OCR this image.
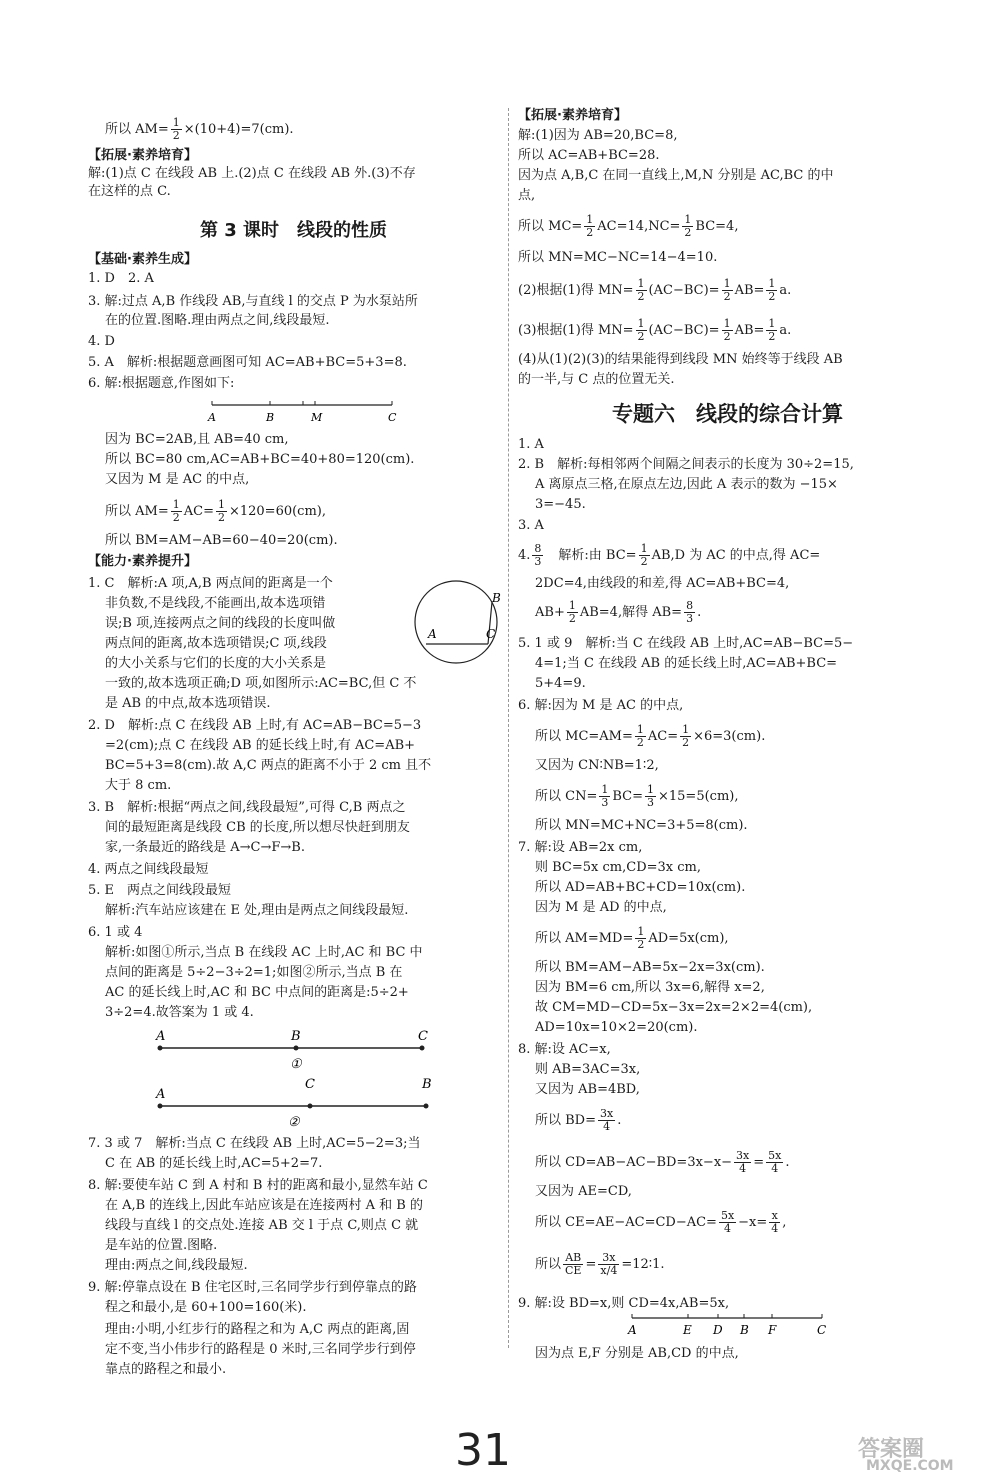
所以 $AM= \frac{1}{2} \times(10+4)=7(cm)$.
【拓展·素养培育】
解:(1)点 C 在线段 AB 上.(2)点 C 在线段 AB 外.(3)不存
在这样的点 C.
第 3 课时　线段的性质
【基础·素养生成】
1. D　2. A
3. 解:过点 A,B 作线段 AB,与直线 l 的交点 P 为水泵站所
在的位置.图略.理由两点之间,线段最短.
4. D
5. A　解析:根据题意画图可知 AC=AB+BC=5+3=8.
6. 解:根据题意,作图如下:
A	B	M	C
因为 BC=2AB,且 AB=40 cm,
所以 BC=80 cm,AC=AB+BC=40+80=120(cm).
又因为 M 是 AC 的中点,
所以 $AM= \frac{1}{2} AC= \frac{1}{2} \times 120=60(cm)$,
所以 BM=AM−AB=60−40=20(cm).
【能力·素养提升】
1. C　解析:A 项,A,B 两点间的距离是一个
非负数,不是线段,不能画出,故本选项错
误;B 项,连接两点之间的线段的长度叫做
两点间的距离,故本选项错误;C 项,线段
的大小关系与它们的长度的大小关系是
一致的,故本选项正确;D 项,如图所示:AC=BC,但 C 不
是 AB 的中点,故本选项错误.
A
B
C
2. D　解析:点 C 在线段 AB 上时,有 AC=AB−BC=5−3
=2(cm);点 C 在线段 AB 的延长线上时,有 AC=AB+
BC=5+3=8(cm).故 A,C 两点的距离不小于 2 cm 且不
大于 8 cm.
3. B　解析:根据“两点之间,线段最短”,可得 C,B 两点之
间的最短距离是线段 CB 的长度,所以想尽快赶到朋友
家,一条最近的路线是 A→C→F→B.
4. 两点之间线段最短
5. E　两点之间线段最短
解析:汽车站应该建在 E 处,理由是两点之间线段最短.
6. 1 或 4
解析:如图①所示,当点 B 在线段 AC 上时,AC 和 BC 中
点间的距离是 5÷2−3÷2=1;如图②所示,当点 B 在
AC 的延长线上时,AC 和 BC 中点间的距离是:5÷2+
3÷2=4.故答案为 1 或 4.
A	B	C
①
A
C	B
②
7. 3 或 7　解析:当点 C 在线段 AB 上时,AC=5−2=3;当
C 在 AB 的延长线上时,AC=5+2=7.
8. 解:要使车站 C 到 A 村和 B 村的距离和最小,显然车站 C
在 A,B 的连线上,因此车站应该是在连接两村 A 和 B 的
线段与直线 l 的交点处.连接 AB 交 l 于点 C,则点 C 就
是车站的位置.图略.
理由:两点之间,线段最短.
9. 解:停靠点设在 B 住宅区时,三名同学步行到停靠点的路
程之和最小,是 60+100=160(米).
理由:小明,小红步行的路程之和为 A,C 两点的距离,固
定不变,当小伟步行的路程是 0 米时,三名同学步行到停
靠点的路程之和最小.
【拓展·素养培育】
解:(1)因为 AB=20,BC=8,
所以 AC=AB+BC=28.
因为点 A,B,C 在同一直线上,M,N 分别是 AC,BC 的中
点,
所以 $MC= \frac{1}{2} AC=14,NC= \frac{1}{2} BC=4$,
所以 MN=MC−NC=14−4=10.
(2)根据(1)得 $MN= \frac{1}{2} (AC-BC)= \frac{1}{2} AB= \frac{1}{2} a$.
(3)根据(1)得 $MN= \frac{1}{2} (AC-BC)= \frac{1}{2} AB= \frac{1}{2} a$.
(4)从(1)(2)(3)的结果能得到线段 MN 始终等于线段 AB
的一半,与 C 点的位置无关.
专题六　线段的综合计算
1. A
2. B　解析:每相邻两个间隔之间表示的长度为 30÷2=15,
A 离原点三格,在原点左边,因此 A 表示的数为 −15×
3=−45.
3. A
4. $\frac{8}{3}$ 　解析:由 $BC= \frac{1}{2} AB,D$ 为 AC 的中点,得 AC=
2DC=4,由线段的和差,得 AC=AB+BC=4,
$AB+ \frac{1}{2} AB=4$,解得 $AB= \frac{8}{3}$ .
5. 1 或 9　解析:当 C 在线段 AB 上时,AC=AB−BC=5−
4=1;当 C 在线段 AB 的延长线上时,AC=AB+BC=
5+4=9.
6. 解:因为 M 是 AC 的中点,
所以 $MC=AM= \frac{1}{2} AC= \frac{1}{2} \times 6=3(cm)$.
又因为 CN∶NB=1∶2,
所以 $CN= \frac{1}{3} BC= \frac{1}{3} \times 15=5(cm)$,
所以 MN=MC+NC=3+5=8(cm).
7. 解:设 AB=2x cm,
则 BC=5x cm,CD=3x cm,
所以 AD=AB+BC+CD=10x(cm).
因为 M 是 AD 的中点,
所以 $AM=MD= \frac{1}{2} AD=5x(cm)$,
所以 BM=AM−AB=5x−2x=3x(cm).
因为 BM=6 cm,所以 3x=6,解得 x=2,
故 CM=MD−CD=5x−3x=2x=2×2=4(cm),
AD=10x=10×2=20(cm).
8. 解:设 AC=x,
则 AB=3AC=3x,
又因为 AB=4BD,
所以 $BD= \frac{3x}{4}$ .
所以 $CD=AB-AC-BD=3x-x- \frac{3x}{4} = \frac{5x}{4}$ .
又因为 AE=CD,
所以 $CE=AE-AC=CD-AC= \frac{5x}{4} -x= \frac{x}{4}$ ,
所以 $\frac{AB}{CE} = \frac{3x}{x/4}$ =12∶1.
9. 解:设 BD=x,则 CD=4x,AB=5x,
A	E D B F	C
因为点 E,F 分别是 AB,CD 的中点,
31	答案圈
MXQE.COM
